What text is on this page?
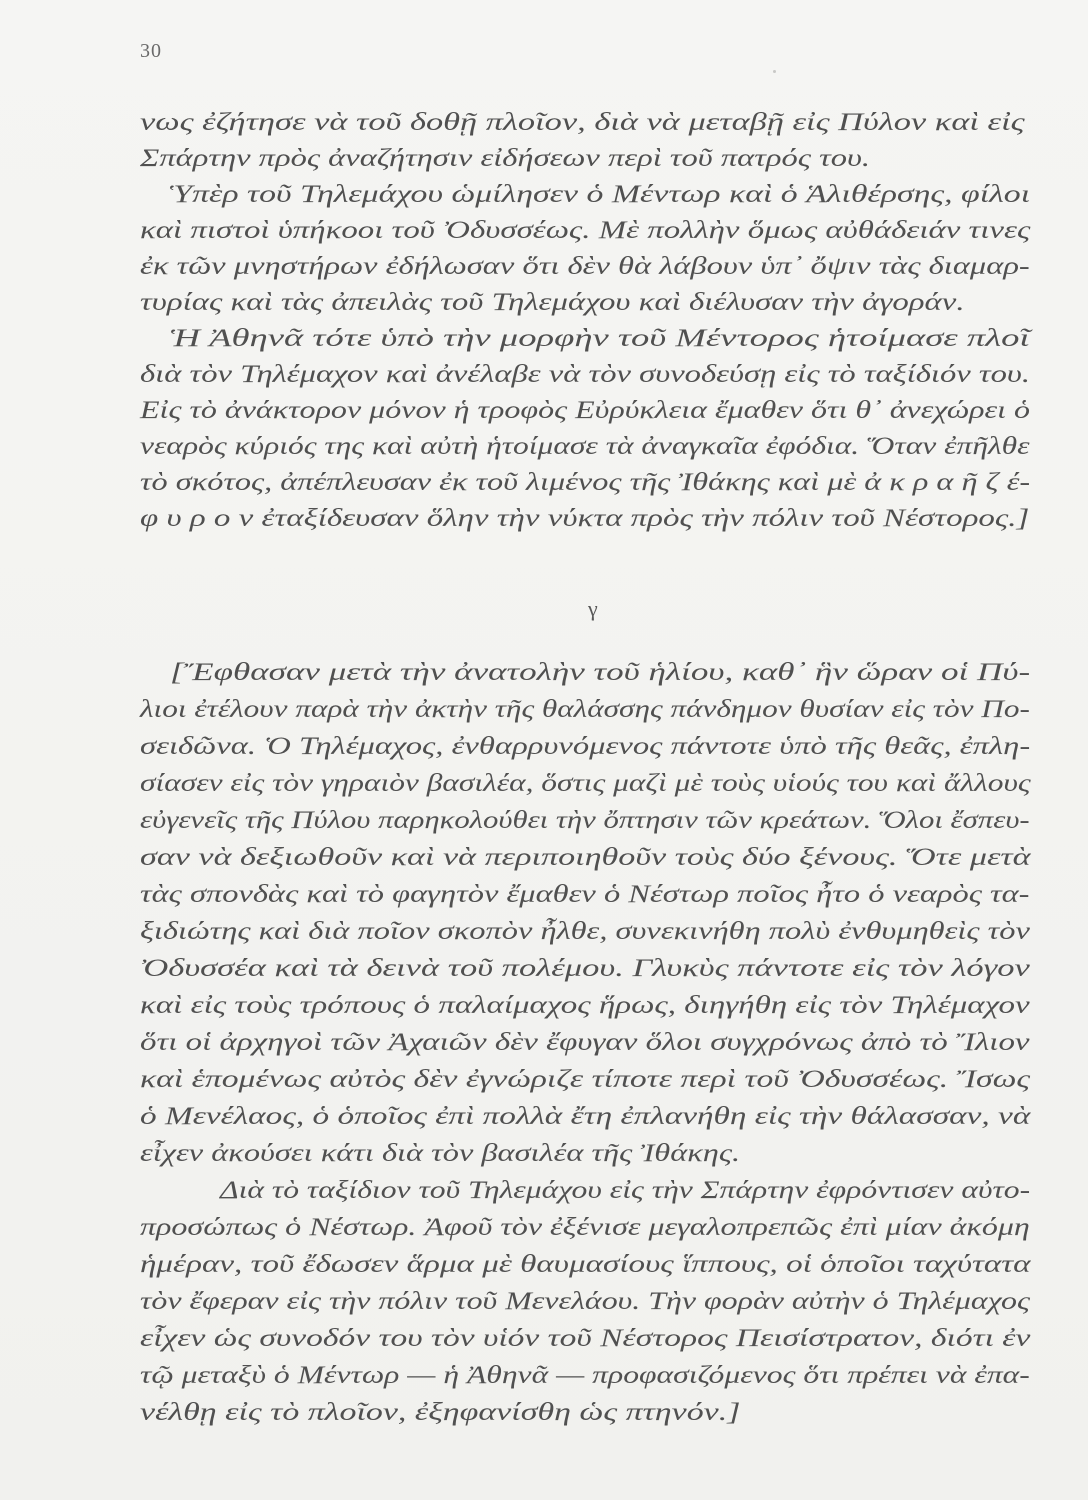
30
νως ἐζήτησε νὰ τοῦ δοθῇ πλοῖον, διὰ νὰ μεταβῇ εἰς Πύλον καὶ εἰς
Σπάρτην πρὸς ἀναζήτησιν εἰδήσεων περὶ τοῦ πατρός του.
Ὑπὲρ τοῦ Τηλεμάχου ὡμίλησεν ὁ Μέντωρ καὶ ὁ Ἁλιθέρσης, φίλοι
καὶ πιστοὶ ὑπήκοοι τοῦ Ὀδυσσέως. Μὲ πολλὴν ὅμως αὐθάδειάν τινες
ἐκ τῶν μνηστήρων ἐδήλωσαν ὅτι δὲν θὰ λάβουν ὑπ᾽ ὄψιν τὰς διαμαρ-
τυρίας καὶ τὰς ἀπειλὰς τοῦ Τηλεμάχου καὶ διέλυσαν τὴν ἀγοράν.
Ἡ Ἀθηνᾶ τότε ὑπὸ τὴν μορφὴν τοῦ Μέντορος ἡτοίμασε πλοῖ
διὰ τὸν Τηλέμαχον καὶ ἀνέλαβε νὰ τὸν συνοδεύσῃ εἰς τὸ ταξίδιόν του.
Εἰς τὸ ἀνάκτορον μόνον ἡ τροφὸς Εὐρύκλεια ἔμαθεν ὅτι θ᾽ ἀνεχώρει ὁ
νεαρὸς κύριός της καὶ αὐτὴ ἡτοίμασε τὰ ἀναγκαῖα ἐφόδια. Ὅταν ἐπῆλθε
τὸ σκότος, ἀπέπλευσαν ἐκ τοῦ λιμένος τῆς Ἰθάκης καὶ μὲ ἀ κ ρ α ῆ ζ έ-
φ υ ρ ο ν ἐταξίδευσαν ὅλην τὴν νύκτα πρὸς τὴν πόλιν τοῦ Νέστορος.]
γ
[Ἔφθασαν μετὰ τὴν ἀνατολὴν τοῦ ἡλίου, καθ᾽ ἣν ὥραν οἱ Πύ-
λιοι ἐτέλουν παρὰ τὴν ἀκτὴν τῆς θαλάσσης πάνδημον θυσίαν εἰς τὸν Πο-
σειδῶνα. Ὁ Τηλέμαχος, ἐνθαρρυνόμενος πάντοτε ὑπὸ τῆς θεᾶς, ἐπλη-
σίασεν εἰς τὸν γηραιὸν βασιλέα, ὅστις μαζὶ μὲ τοὺς υἱούς του καὶ ἄλλους
εὐγενεῖς τῆς Πύλου παρηκολούθει τὴν ὄπτησιν τῶν κρεάτων. Ὅλοι ἔσπευ-
σαν νὰ δεξιωθοῦν καὶ νὰ περιποιηθοῦν τοὺς δύο ξένους. Ὅτε μετὰ
τὰς σπονδὰς καὶ τὸ φαγητὸν ἔμαθεν ὁ Νέστωρ ποῖος ἦτο ὁ νεαρὸς τα-
ξιδιώτης καὶ διὰ ποῖον σκοπὸν ἦλθε, συνεκινήθη πολὺ ἐνθυμηθεὶς τὸν
Ὀδυσσέα καὶ τὰ δεινὰ τοῦ πολέμου. Γλυκὺς πάντοτε εἰς τὸν λόγον
καὶ εἰς τοὺς τρόπους ὁ παλαίμαχος ἥρως, διηγήθη εἰς τὸν Τηλέμαχον
ὅτι οἱ ἀρχηγοὶ τῶν Ἀχαιῶν δὲν ἔφυγαν ὅλοι συγχρόνως ἀπὸ τὸ Ἴλιον
καὶ ἑπομένως αὐτὸς δὲν ἐγνώριζε τίποτε περὶ τοῦ Ὀδυσσέως. Ἴσως
ὁ Μενέλαος, ὁ ὁποῖος ἐπὶ πολλὰ ἔτη ἐπλανήθη εἰς τὴν θάλασσαν, νὰ
εἶχεν ἀκούσει κάτι διὰ τὸν βασιλέα τῆς Ἰθάκης.
Διὰ τὸ ταξίδιον τοῦ Τηλεμάχου εἰς τὴν Σπάρτην ἐφρόντισεν αὐτο-
προσώπως ὁ Νέστωρ. Ἀφοῦ τὸν ἐξένισε μεγαλοπρεπῶς ἐπὶ μίαν ἀκόμη
ἡμέραν, τοῦ ἔδωσεν ἅρμα μὲ θαυμασίους ἵππους, οἱ ὁποῖοι ταχύτατα
τὸν ἔφεραν εἰς τὴν πόλιν τοῦ Μενελάου. Τὴν φορὰν αὐτὴν ὁ Τηλέμαχος
εἶχεν ὡς συνοδόν του τὸν υἱόν τοῦ Νέστορος Πεισίστρατον, διότι ἐν
τῷ μεταξὺ ὁ Μέντωρ — ἡ Ἀθηνᾶ — προφασιζόμενος ὅτι πρέπει νὰ ἐπα-
νέλθῃ εἰς τὸ πλοῖον, ἐξηφανίσθη ὡς πτηνόν.]
